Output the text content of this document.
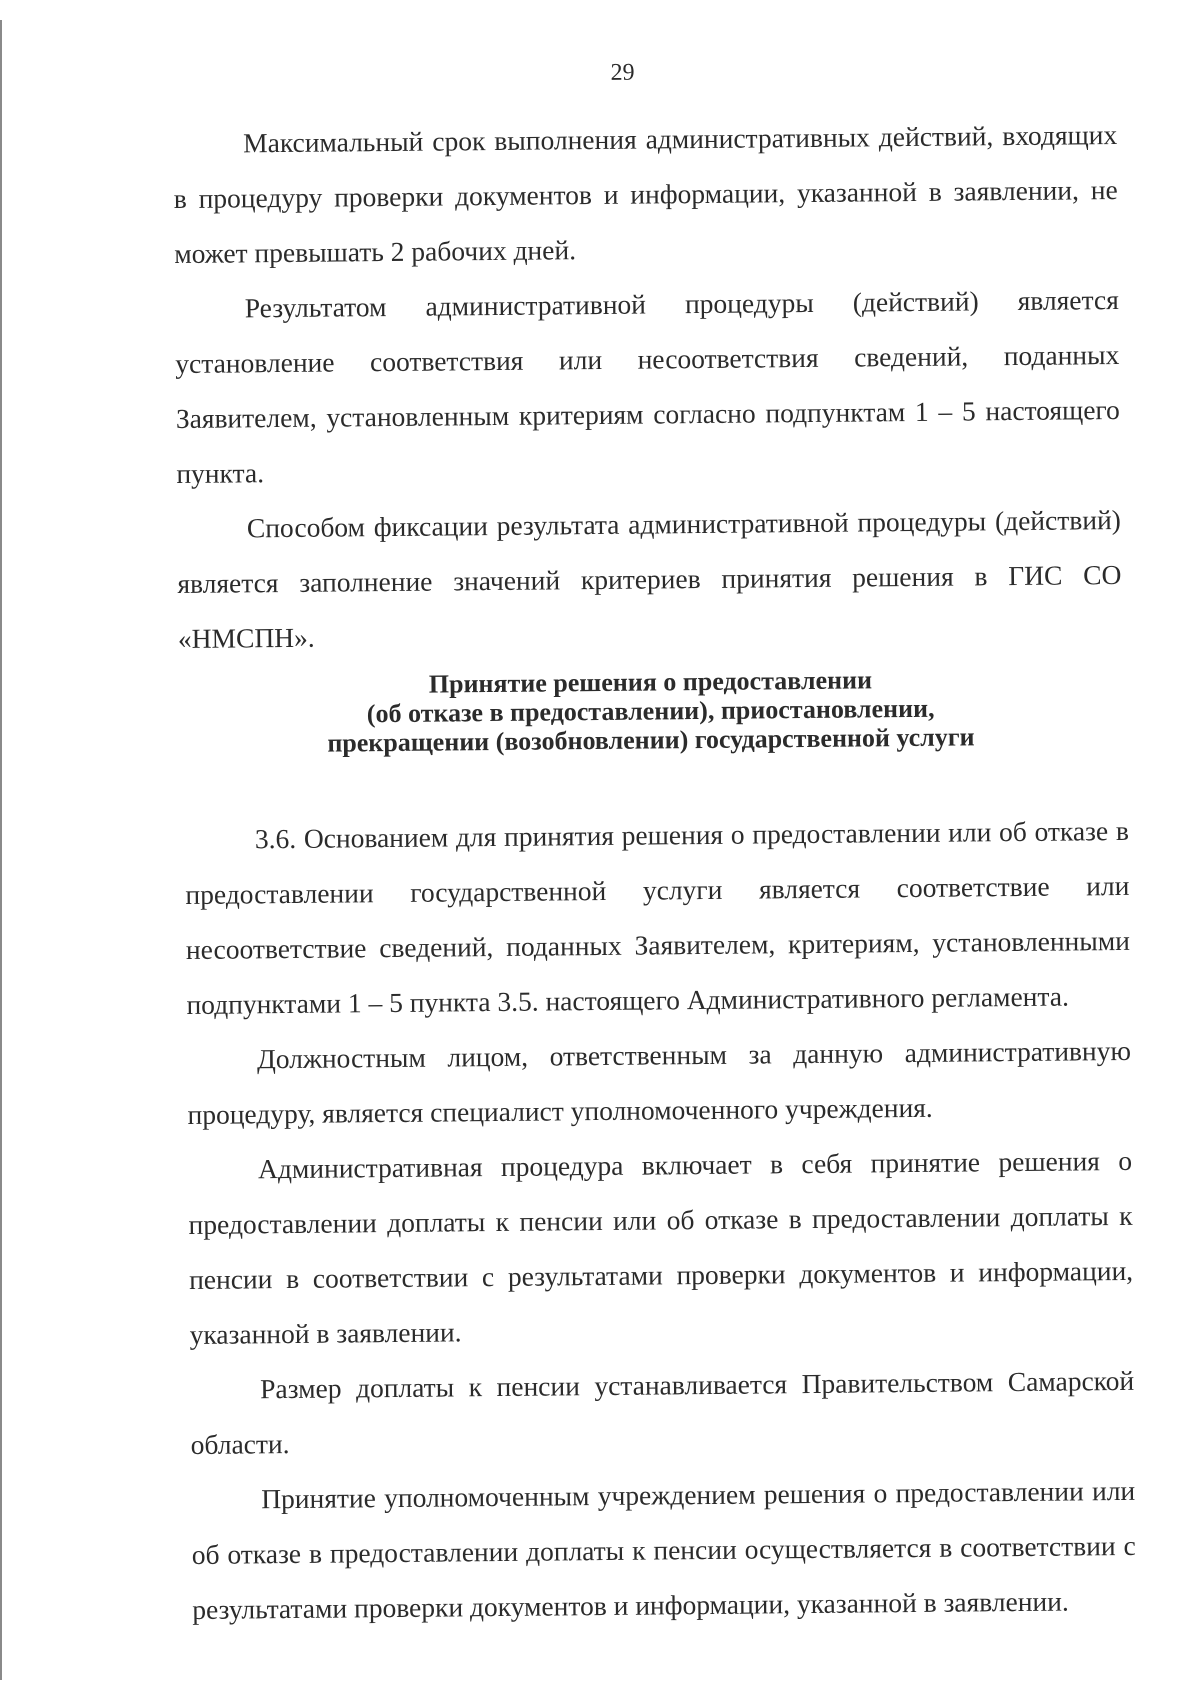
29

Максимальный срок выполнения административных действий, входящих в процедуру проверки документов и информации, указанной в заявлении, не может превышать 2 рабочих дней.

Результатом административной процедуры (действий) является установление соответствия или несоответствия сведений, поданных Заявителем, установленным критериям согласно подпунктам 1 – 5 настоящего пункта.

Способом фиксации результата административной процедуры (действий) является заполнение значений критериев принятия решения в ГИС СО «НМСПН».

Принятие решения о предоставлении
(об отказе в предоставлении), приостановлении,
прекращении (возобновлении) государственной услуги

3.6. Основанием для принятия решения о предоставлении или об отказе в предоставлении государственной услуги является соответствие или несоответствие сведений, поданных Заявителем, критериям, установленными подпунктами 1 – 5 пункта 3.5. настоящего Административного регламента.

Должностным лицом, ответственным за данную административную процедуру, является специалист уполномоченного учреждения.

Административная процедура включает в себя принятие решения о предоставлении доплаты к пенсии или об отказе в предоставлении доплаты к пенсии в соответствии с результатами проверки документов и информации, указанной в заявлении.

Размер доплаты к пенсии устанавливается Правительством Самарской области.

Принятие уполномоченным учреждением решения о предоставлении или об отказе в предоставлении доплаты к пенсии осуществляется в соответствии с результатами проверки документов и информации, указанной в заявлении.
